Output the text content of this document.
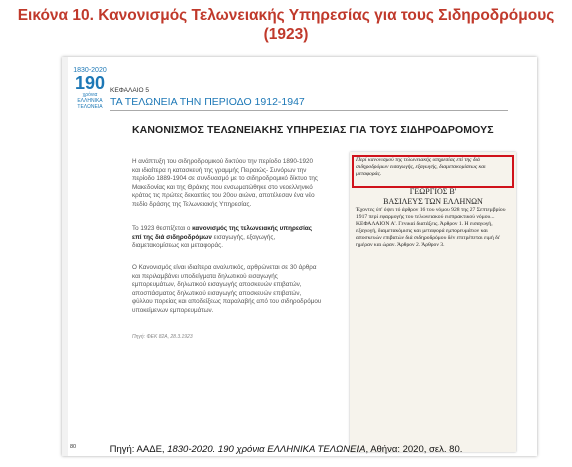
Εικόνα 10. Κανονισμός Τελωνειακής Υπηρεσίας για τους Σιδηροδρόμους
(1923)
1830-2020
190
χρόνια
ΕΛΛΗΝΙΚΑ
ΤΕΛΩΝΕΙΑ
ΚΕΦΑΛΑΙΟ 5
ΤΑ ΤΕΛΩΝΕΙΑ ΤΗΝ ΠΕΡΙΟΔΟ 1912-1947
ΚΑΝΟΝΙΣΜΟΣ ΤΕΛΩΝΕΙΑΚΗΣ ΥΠΗΡΕΣΙΑΣ ΓΙΑ ΤΟΥΣ ΣΙΔΗΡΟΔΡΟΜΟΥΣ
Η ανάπτυξη του σιδηροδρομικού δικτύου την περίοδο 1890-1920 και ιδιαίτερα η κατασκευή της γραμμής Πειραιώς- Συνόρων την περίοδο 1889-1904 σε συνδυασμό με το σιδηροδρομικό δίκτυο της Μακεδονίας και της Θράκης που ενσωματώθηκε στο νεοελληνικό κράτος τις πρώτες δεκαετίες του 20ου αιώνα, αποτέλεσαν ένα νέο πεδίο δράσης της Τελωνειακής Υπηρεσίας.
Το 1923 θεσπίζεται ο κανονισμός της τελωνειακής υπηρεσίας επί της διά σιδηροδρόμων εισαγωγής, εξαγωγής, διαμετακομίσεως και μεταφοράς.
Ο Κανονισμός είναι ιδιαίτερα αναλυτικός, αρθρώνεται σε 30 άρθρα και περιλαμβάνει υποδείγματα δηλωτικού εισαγωγής εμπορευμάτων, δηλωτικού εισαγωγής αποσκευών επιβατών, αποσπάσματος δηλωτικού εισαγωγής αποσκευών επιβατών, φύλλου πορείας και αποδείξεως παραλαβής από του σιδηροδρόμου υποκείμενων εμπορευμάτων.
Πηγή: ΦΕΚ 82Α, 28.3.1923
Περί κανονισμού της τελωνειακής υπηρεσίας επί της διά σιδηροδρόμων εισαγωγής, εξαγωγής, διαμετακομίσεως και μεταφοράς.
ΓΕΩΡΓΙΟΣ Β'
ΒΑΣΙΛΕΥΣ ΤΩΝ ΕΛΛΗΝΩΝ
Έχοντες ύπ' όψει τό άρθρον 16 του νόμου 928 της 27 Σεπτεμβρίου 1917 περί εφαρμογής του τελωνειακού εισπρακτικού νόμου... ΚΕΦΑΛΑΙΟΝ Α'. Γενικαί διατάξεις. Άρθρον 1. Η εισαγωγή, εξαγωγή, διαμετακόμισις και μεταφορά εμπορευμάτων και αποσκευών επιβατών διά σιδηροδρόμου δέν επιτρέπεται ειμή δι' ημέραν και ώραν. Άρθρον 2. Άρθρον 3.
80	Πηγή: ΑΑΔΕ, 1830-2020. 190 χρόνια ΕΛΛΗΝΙΚΑ ΤΕΛΩΝΕΙΑ, Αθήνα: 2020, σελ. 80.
